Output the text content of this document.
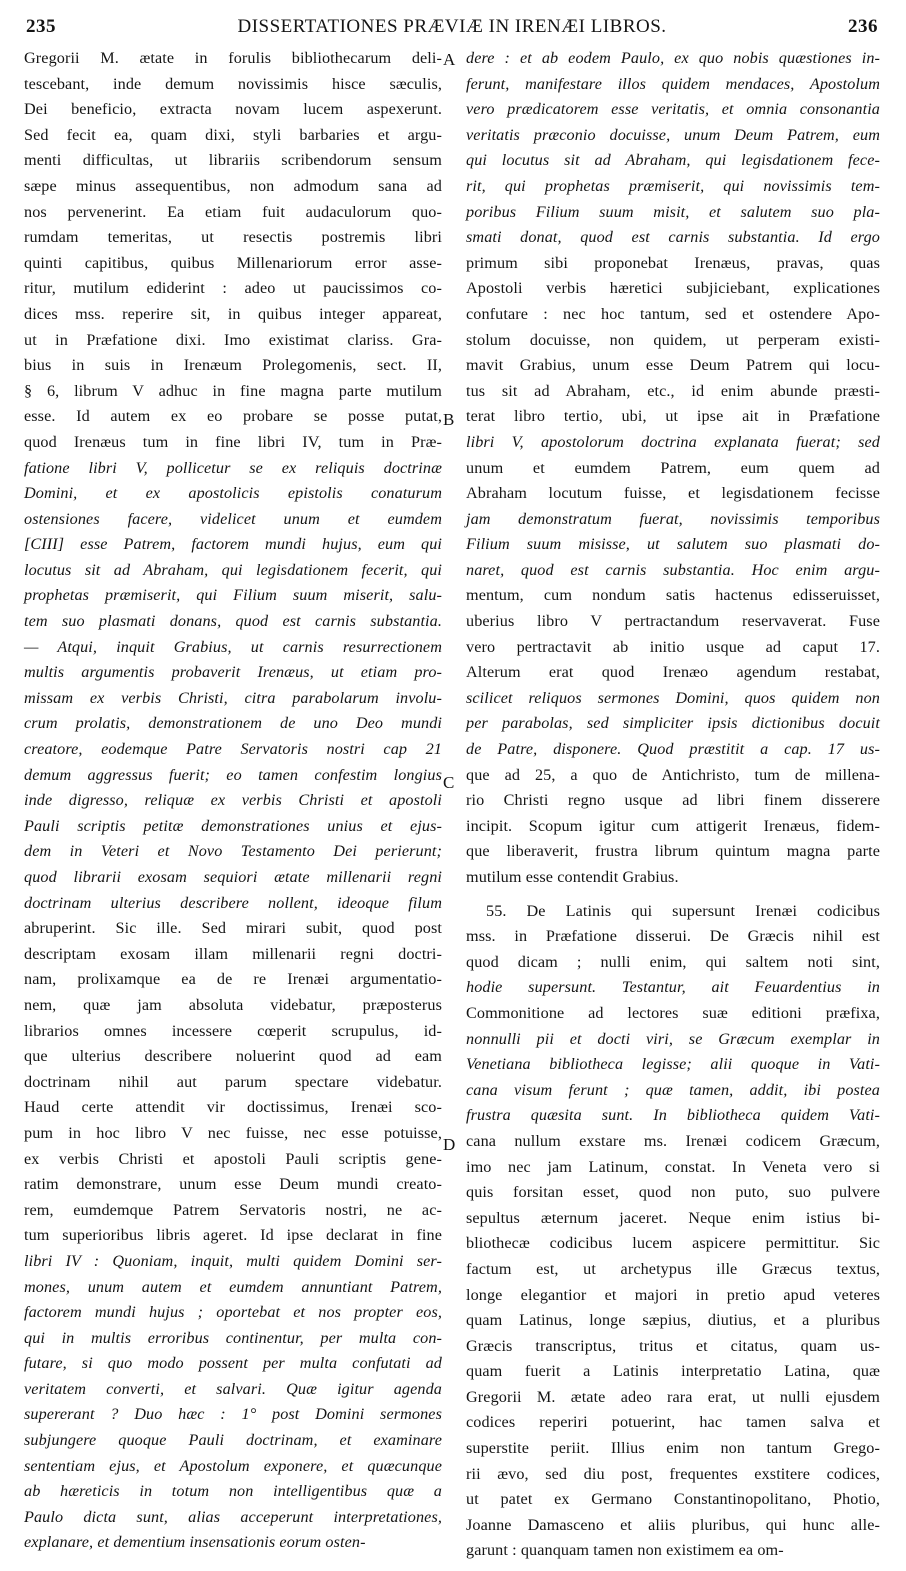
235	DISSERTATIONES PRÆVIÆ IN IRENÆI LIBROS.	236
Gregorii M. ætate in forulis bibliothecarum deli-
tescebant, inde demum novissimis hisce sæculis,
Dei beneficio, extracta novam lucem aspexerunt.
Sed fecit ea, quam dixi, styli barbaries et argu-
menti difficultas, ut librariis scribendorum sensum
sæpe minus assequentibus, non admodum sana ad
nos pervenerint. Ea etiam fuit audaculorum quo-
rumdam temeritas, ut resectis postremis libri
quinti capitibus, quibus Millenariorum error asse-
ritur, mutilum ediderint : adeo ut paucissimos co-
dices mss. reperire sit, in quibus integer appareat,
ut in Præfatione dixi. Imo existimat clariss. Gra-
bius in suis in Irenæum Prolegomenis, sect. II,
§ 6, librum V adhuc in fine magna parte mutilum
esse. Id autem ex eo probare se posse putat,
quod Irenæus tum in fine libri IV, tum in Præ-
fatione libri V, pollicetur se ex reliquis doctrinæ
Domini, et ex apostolicis epistolis conaturum
ostensiones facere, videlicet unum et eumdem
[CIII] esse Patrem, factorem mundi hujus, eum qui
locutus sit ad Abraham, qui legisdationem fecerit, qui
prophetas præmiserit, qui Filium suum miserit, salu-
tem suo plasmati donans, quod est carnis substantia.
— Atqui, inquit Grabius, ut carnis resurrectionem
multis argumentis probaverit Irenæus, ut etiam pro-
missam ex verbis Christi, citra parabolarum involu-
crum prolatis, demonstrationem de uno Deo mundi
creatore, eodemque Patre Servatoris nostri cap 21
demum aggressus fuerit; eo tamen confestim longius
inde digresso, reliquæ ex verbis Christi et apostoli
Pauli scriptis petitæ demonstrationes unius et ejus-
dem in Veteri et Novo Testamento Dei perierunt;
quod librarii exosam sequiori ætate millenarii regni
doctrinam ulterius describere nollent, ideoque filum
abruperint. Sic ille. Sed mirari subit, quod post
descriptam exosam illam millenarii regni doctri-
nam, prolixamque ea de re Irenæi argumentatio-
nem, quæ jam absoluta videbatur, præposterus
librarios omnes incessere cœperit scrupulus, id-
que ulterius describere noluerint quod ad eam
doctrinam nihil aut parum spectare videbatur.
Haud certe attendit vir doctissimus, Irenæi sco-
pum in hoc libro V nec fuisse, nec esse potuisse,
ex verbis Christi et apostoli Pauli scriptis gene-
ratim demonstrare, unum esse Deum mundi creato-
rem, eumdemque Patrem Servatoris nostri, ne ac-
tum superioribus libris ageret. Id ipse declarat in fine
libri IV : Quoniam, inquit, multi quidem Domini ser-
mones, unum autem et eumdem annuntiant Patrem,
factorem mundi hujus ; oportebat et nos propter eos,
qui in multis erroribus continentur, per multa con-
futare, si quo modo possent per multa confutati ad
veritatem converti, et salvari. Quæ igitur agenda
supererant ? Duo hæc : 1° post Domini sermones
subjungere quoque Pauli doctrinam, et examinare
sententiam ejus, et Apostolum exponere, et quæcunque
ab hæreticis in totum non intelligentibus quæ a
Paulo dicta sunt, alias acceperunt interpretationes,
explanare, et dementium insensationis eorum osten-
dere : et ab eodem Paulo, ex quo nobis quæstiones in-
ferunt, manifestare illos quidem mendaces, Apostolum
vero prædicatorem esse veritatis, et omnia consonantia
veritatis præconio docuisse, unum Deum Patrem, eum
qui locutus sit ad Abraham, qui legisdationem fece-
rit, qui prophetas præmiserit, qui novissimis tem-
poribus Filium suum misit, et salutem suo pla-
smati donat, quod est carnis substantia. Id ergo
primum sibi proponebat Irenæus, pravas, quas
Apostoli verbis hæretici subjiciebant, explicationes
confutare : nec hoc tantum, sed et ostendere Apo-
stolum docuisse, non quidem, ut perperam existi-
mavit Grabius, unum esse Deum Patrem qui locu-
tus sit ad Abraham, etc., id enim abunde præsti-
terat libro tertio, ubi, ut ipse ait in Præfatione
libri V, apostolorum doctrina explanata fuerat; sed
unum et eumdem Patrem, eum quem ad
Abraham locutum fuisse, et legisdationem fecisse
jam demonstratum fuerat, novissimis temporibus
Filium suum misisse, ut salutem suo plasmati do-
naret, quod est carnis substantia. Hoc enim argu-
mentum, cum nondum satis hactenus edisseruisset,
uberius libro V pertractandum reservaverat. Fuse
vero pertractavit ab initio usque ad caput 17.
Alterum erat quod Irenæo agendum restabat,
scilicet reliquos sermones Domini, quos quidem non
per parabolas, sed simpliciter ipsis dictionibus docuit
de Patre, disponere. Quod præstitit a cap. 17 us-
que ad 25, a quo de Antichristo, tum de millena-
rio Christi regno usque ad libri finem disserere
incipit. Scopum igitur cum attigerit Irenæus, fidem-
que liberaverit, frustra librum quintum magna parte
mutilum esse contendit Grabius.
55. De Latinis qui supersunt Irenæi codicibus
mss. in Præfatione disserui. De Græcis nihil est
quod dicam ; nulli enim, qui saltem noti sint,
hodie supersunt. Testantur, ait Feuardentius in
Commonitione ad lectores suæ editioni præfixa,
nonnulli pii et docti viri, se Græcum exemplar in
Venetiana bibliotheca legisse; alii quoque in Vati-
cana visum ferunt ; quæ tamen, addit, ibi postea
frustra quæsita sunt. In bibliotheca quidem Vati-
cana nullum exstare ms. Irenæi codicem Græcum,
imo nec jam Latinum, constat. In Veneta vero si
quis forsitan esset, quod non puto, suo pulvere
sepultus æternum jaceret. Neque enim istius bi-
bliothecæ codicibus lucem aspicere permittitur. Sic
factum est, ut archetypus ille Græcus textus,
longe elegantior et majori in pretio apud veteres
quam Latinus, longe sæpius, diutius, et a pluribus
Græcis transcriptus, tritus et citatus, quam us-
quam fuerit a Latinis interpretatio Latina, quæ
Gregorii M. ætate adeo rara erat, ut nulli ejusdem
codices reperiri potuerint, hac tamen salva et
superstite periit. Illius enim non tantum Grego-
rii ævo, sed diu post, frequentes exstitere codices,
ut patet ex Germano Constantinopolitano, Photio,
Joanne Damasceno et aliis pluribus, qui hunc alle-
garunt : quanquam tamen non existimem ea om-
A
B
C
D
